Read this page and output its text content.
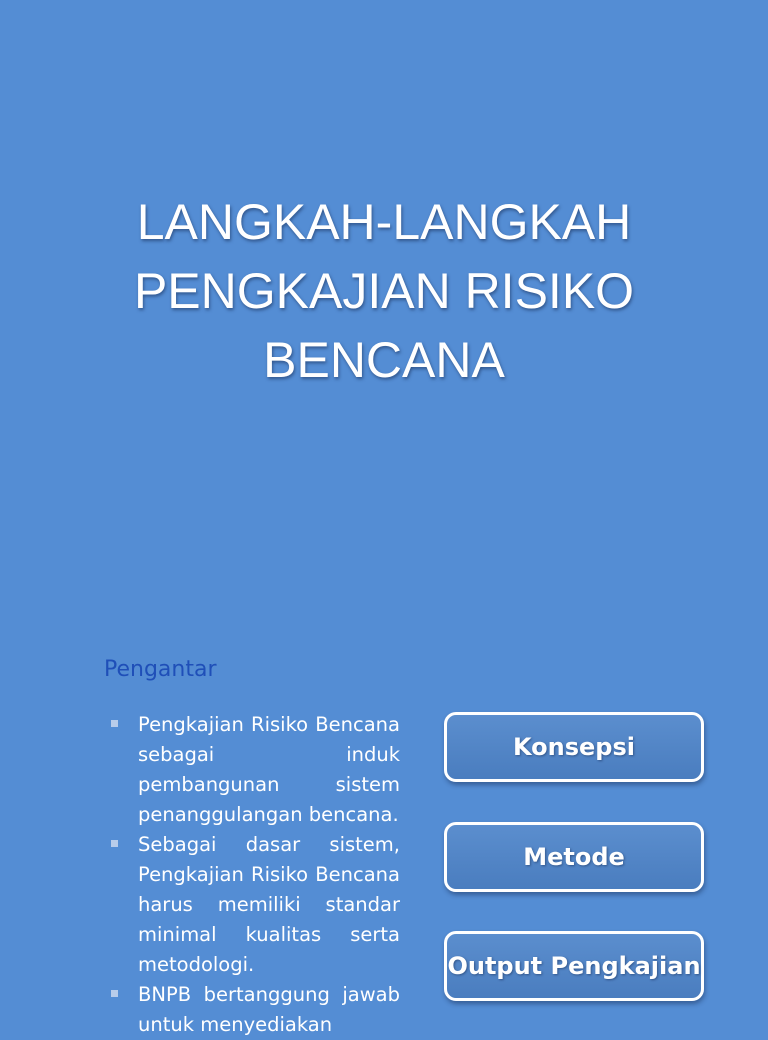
LANGKAH-LANGKAH
PENGKAJIAN RISIKO
BENCANA
Pengantar
Pengkajian Risiko Bencana sebagai induk pembangunan sistem penanggulangan bencana.
Sebagai dasar sistem, Pengkajian Risiko Bencana harus memiliki standar minimal kualitas serta metodologi.
BNPB bertanggung jawab untuk menyediakan
Konsepsi
Metode
Output Pengkajian
